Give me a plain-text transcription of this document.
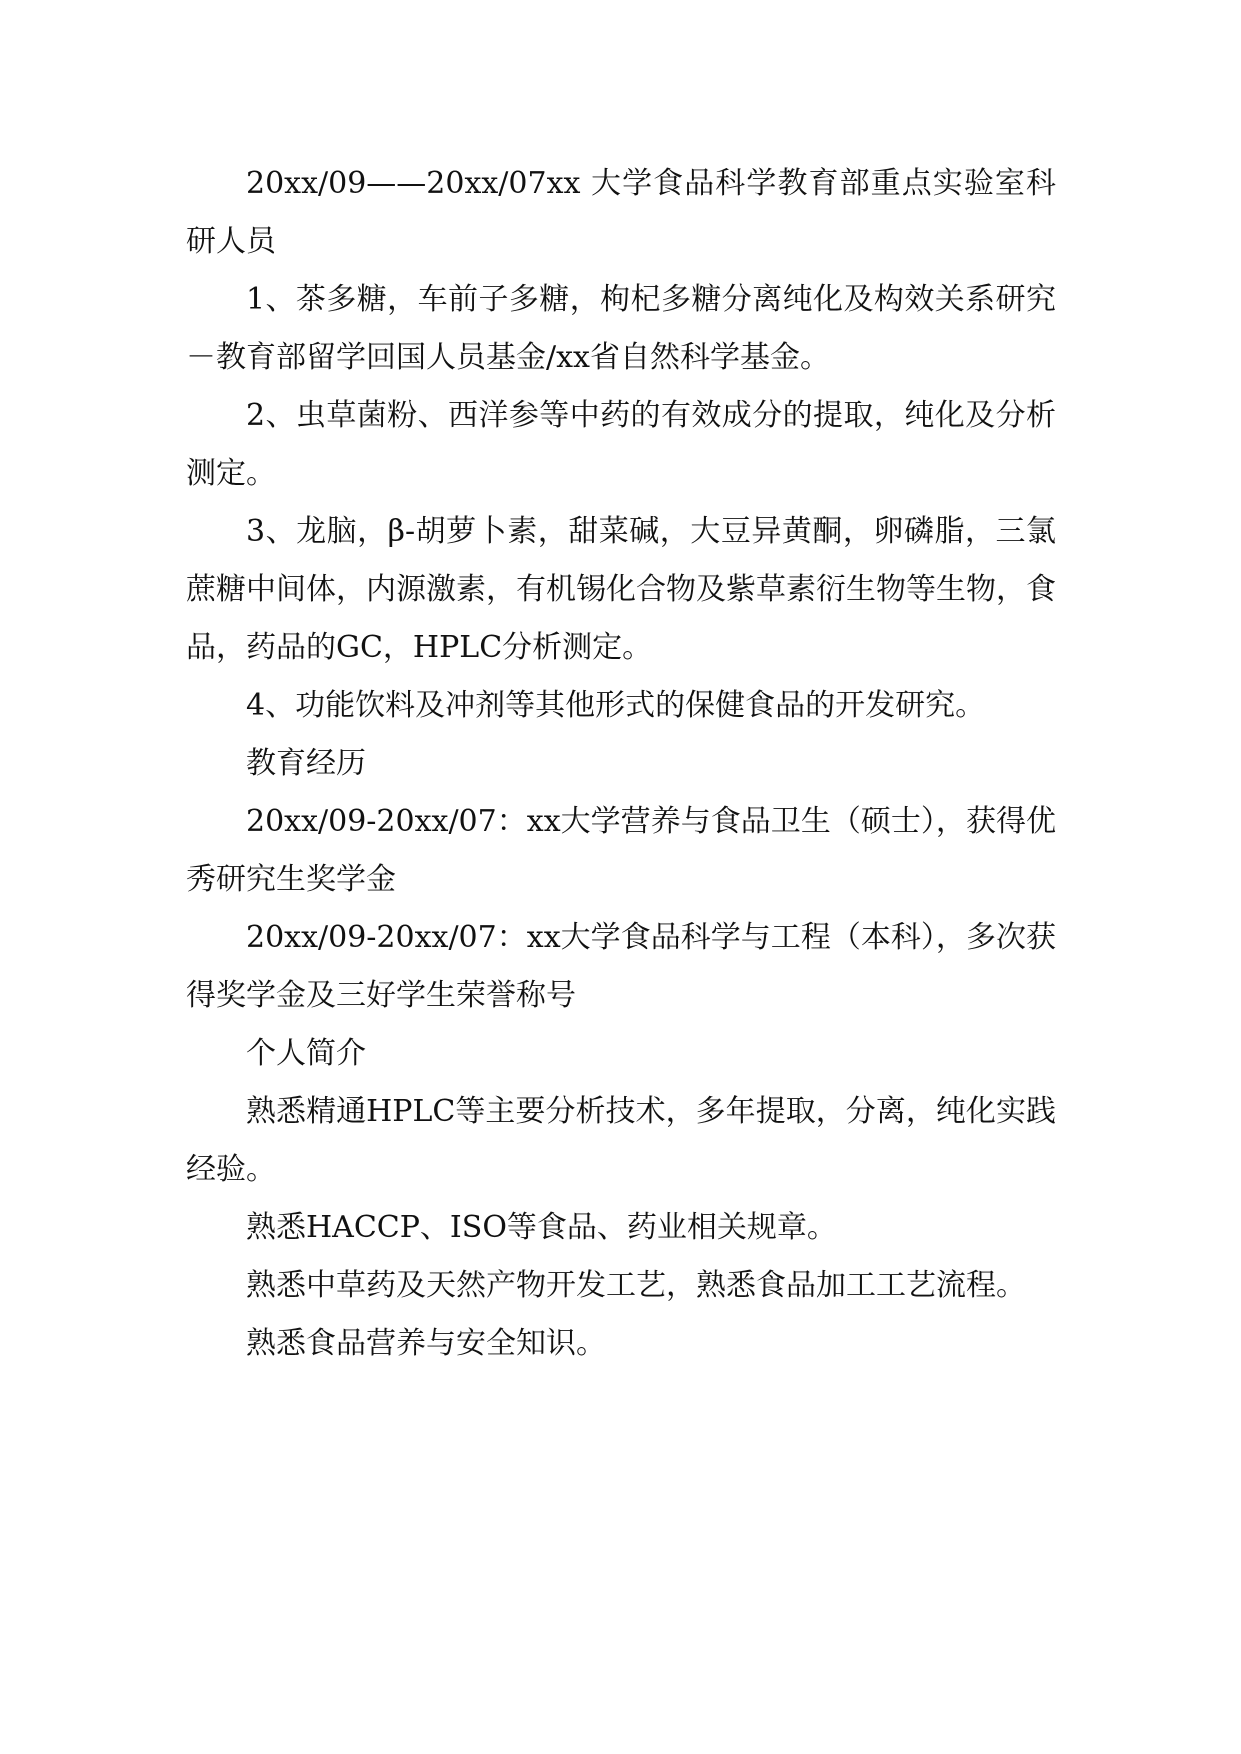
20xx/09——20xx/07xx 大学食品科学教育部重点实验室科研人员

1、茶多糖，车前子多糖，枸杞多糖分离纯化及构效关系研究－教育部留学回国人员基金/xx省自然科学基金。

2、虫草菌粉、西洋参等中药的有效成分的提取，纯化及分析测定。

3、龙脑，β-胡萝卜素，甜菜碱，大豆异黄酮，卵磷脂，三氯蔗糖中间体，内源激素，有机锡化合物及紫草素衍生物等生物，食品，药品的GC，HPLC分析测定。

4、功能饮料及冲剂等其他形式的保健食品的开发研究。

教育经历

20xx/09-20xx/07：xx大学营养与食品卫生（硕士），获得优秀研究生奖学金

20xx/09-20xx/07：xx大学食品科学与工程（本科），多次获得奖学金及三好学生荣誉称号

个人简介

熟悉精通HPLC等主要分析技术，多年提取，分离，纯化实践经验。

熟悉HACCP、ISO等食品、药业相关规章。

熟悉中草药及天然产物开发工艺，熟悉食品加工工艺流程。

熟悉食品营养与安全知识。
